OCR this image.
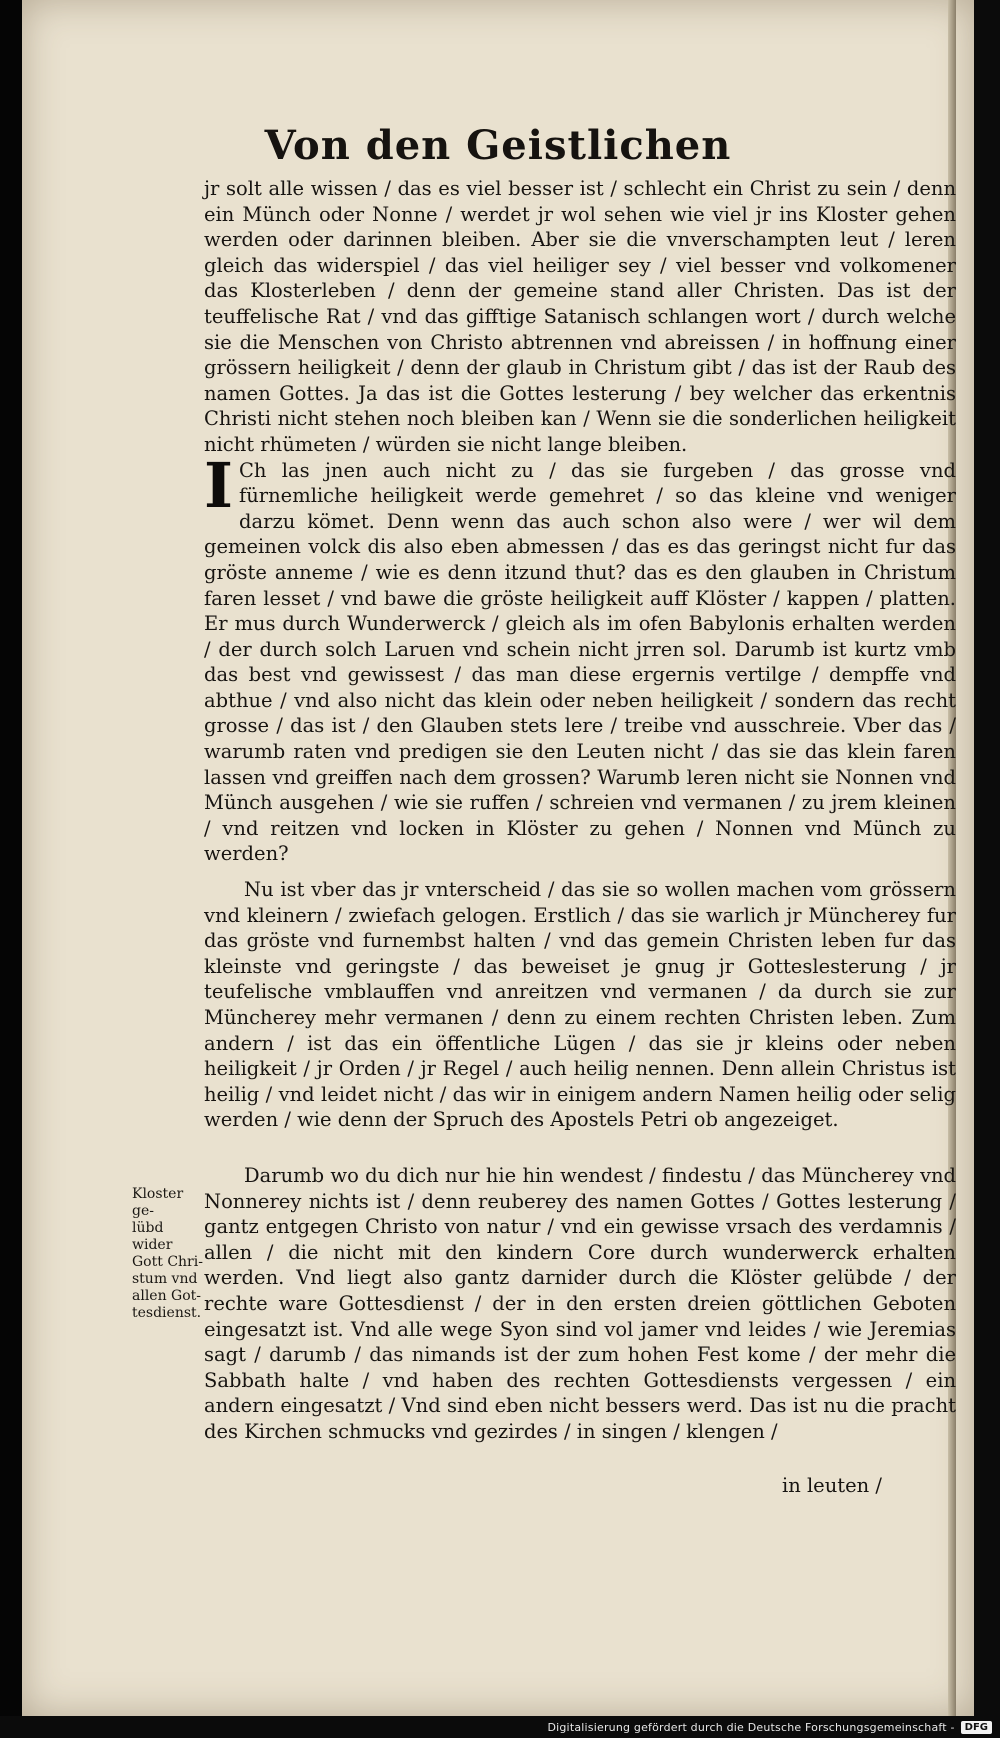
Von den Geistlichen

jr solt alle wissen / das es viel besser ist / schlecht ein Christ zu sein / denn ein Münch oder Nonne / werdet jr wol sehen wie viel jr ins Kloster gehen werden oder darinnen bleiben. Aber sie die vnverschampten leut / leren gleich das widerspiel / das viel heiliger sey / viel besser vnd volkomener das Klosterleben / denn der gemeine stand aller Christen. Das ist der teuffelische Rat / vnd das gifftige Satanisch schlangen wort / durch welche sie die Menschen von Christo abtrennen vnd abreissen / in hoffnung einer grössern heiligkeit / denn der glaub in Christum gibt / das ist der Raub des namen Gottes. Ja das ist die Gottes lesterung / bey welcher das erkentnis Christi nicht stehen noch bleiben kan / Wenn sie die sonderlichen heiligkeit nicht rhümeten / würden sie nicht lange bleiben.

I Ch las jnen auch nicht zu / das sie furgeben / das grosse vnd fürnemliche heiligkeit werde gemehret / so das kleine vnd weniger darzu kömet. Denn wenn das auch schon also were / wer wil dem gemeinen volck dis also eben abmessen / das es das geringst nicht fur das gröste anneme / wie es denn itzund thut? das es den glauben in Christum faren lesset / vnd bawe die gröste heiligkeit auff Klöster / kappen / platten. Er mus durch Wunderwerck / gleich als im ofen Babylonis erhalten werden / der durch solch Laruen vnd schein nicht jrren sol. Darumb ist kurtz vmb das best vnd gewissest / das man diese ergernis vertilge / dempffe vnd abthue / vnd also nicht das klein oder neben heiligkeit / sondern das recht grosse / das ist / den Glauben stets lere / treibe vnd ausschreie. Vber das / warumb raten vnd predigen sie den Leuten nicht / das sie das klein faren lassen vnd greiffen nach dem grossen? Warumb leren nicht sie Nonnen vnd Münch ausgehen / wie sie ruffen / schreien vnd vermanen / zu jrem kleinen / vnd reitzen vnd locken in Klöster zu gehen / Nonnen vnd Münch zu werden?

Nu ist vber das jr vnterscheid / das sie so wollen machen vom grössern vnd kleinern / zwiefach gelogen. Erstlich / das sie warlich jr Müncherey fur das gröste vnd furnembst halten / vnd das gemein Christen leben fur das kleinste vnd geringste / das beweiset je gnug jr Gotteslesterung / jr teufelische vmblauffen vnd anreitzen vnd vermanen / da durch sie zur Müncherey mehr vermanen / denn zu einem rechten Christen leben. Zum andern / ist das ein öffentliche Lügen / das sie jr kleins oder neben heiligkeit / jr Orden / jr Regel / auch heilig nennen. Denn allein Christus ist heilig / vnd leidet nicht / das wir in einigem andern Namen heilig oder selig werden / wie denn der Spruch des Apostels Petri ob angezeiget.

Darumb wo du dich nur hie hin wendest / findestu / das Müncherey vnd Nonnerey nichts ist / denn reuberey des namen Gottes / Gottes lesterung / gantz entgegen Christo von natur / vnd ein gewisse vrsach des verdamnis / allen / die nicht mit den kindern Core durch wunderwerck erhalten werden. Vnd liegt also gantz darnider durch die Klöster gelübde / der rechte ware Gottesdienst / der in den ersten dreien göttlichen Geboten eingesatzt ist. Vnd alle wege Syon sind vol jamer vnd leides / wie Jeremias sagt / darumb / das nimands ist der zum hohen Fest kome / der mehr die Sabbath halte / vnd haben des rechten Gottesdiensts vergessen / ein andern eingesatzt / Vnd sind eben nicht bessers werd. Das ist nu die pracht des Kirchen schmucks vnd gezirdes / in singen / klengen /

Kloster ge-
lübd wider
Gott Chri-
stum vnd
allen Got-
tesdienst.
in leuten /
Digitalisierung gefördert durch die Deutsche Forschungsgemeinschaft -	DFG
